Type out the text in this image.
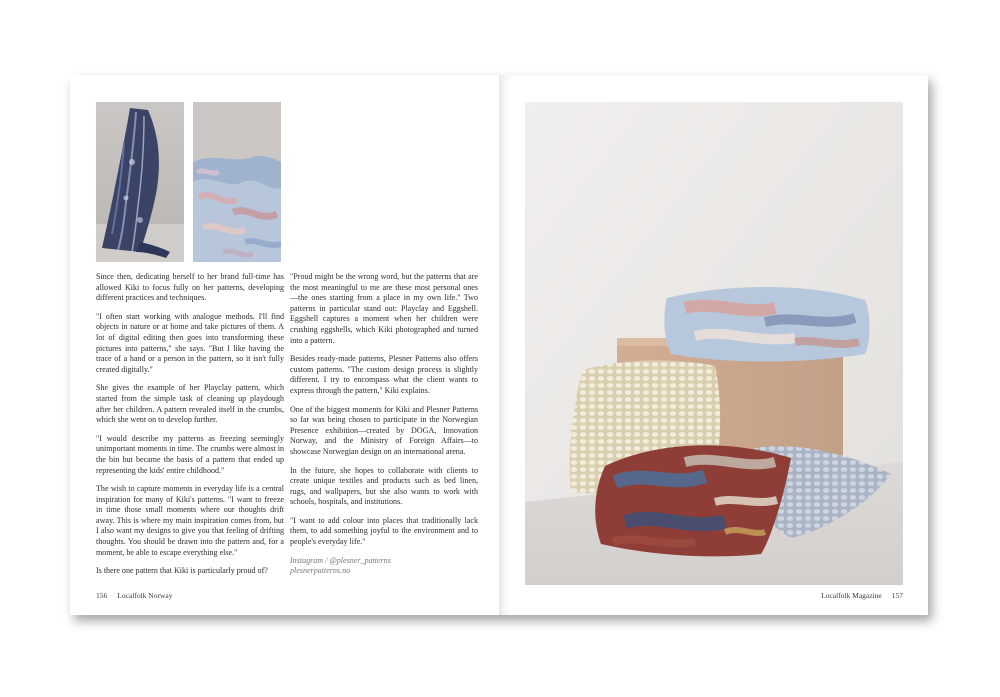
Since then, dedicating herself to her brand full-time has allowed Kiki to focus fully on her patterns, developing different practices and techniques.

"I often start working with analogue methods. I'll find objects in nature or at home and take pictures of them. A lot of digital editing then goes into transforming these pictures into patterns," she says. "But I like having the trace of a hand or a person in the pattern, so it isn't fully created digitally."

She gives the example of her Playclay pattern, which started from the simple task of cleaning up playdough after her children. A pattern revealed itself in the crumbs, which she went on to develop further.

"I would describe my patterns as freezing seemingly unimportant moments in time. The crumbs were almost in the bin but became the basis of a pattern that ended up representing the kids' entire childhood."

The wish to capture moments in everyday life is a central inspiration for many of Kiki's patterns. "I want to freeze in time those small moments where our thoughts drift away. This is where my main inspiration comes from, but I also want my designs to give you that feeling of drifting thoughts. You should be drawn into the pattern and, for a moment, be able to escape everything else."

Is there one pattern that Kiki is particularly proud of?

"Proud might be the wrong word, but the patterns that are the most meaningful to me are these most personal ones—the ones starting from a place in my own life." Two patterns in particular stand out: Playclay and Eggshell. Eggshell captures a moment when her children were crushing eggshells, which Kiki photographed and turned into a pattern.

Besides ready-made patterns, Plesner Patterns also offers custom patterns. "The custom design process is slightly different. I try to encompass what the client wants to express through the pattern," Kiki explains.

One of the biggest moments for Kiki and Plesner Patterns so far was being chosen to participate in the Norwegian Presence exhibition—created by DOGA, Innovation Norway, and the Ministry of Foreign Affairs—to showcase Norwegian design on an international arena.

In the future, she hopes to collaborate with clients to create unique textiles and products such as bed linen, rugs, and wallpapers, but she also wants to work with schools, hospitals, and institutions.

"I want to add colour into places that traditionally lack them, to add something joyful to the environment and to people's everyday life."

Instagram / @plesner_patterns
plesnerpatterns.no
156 Localfolk Norway	Localfolk Magazine 157
